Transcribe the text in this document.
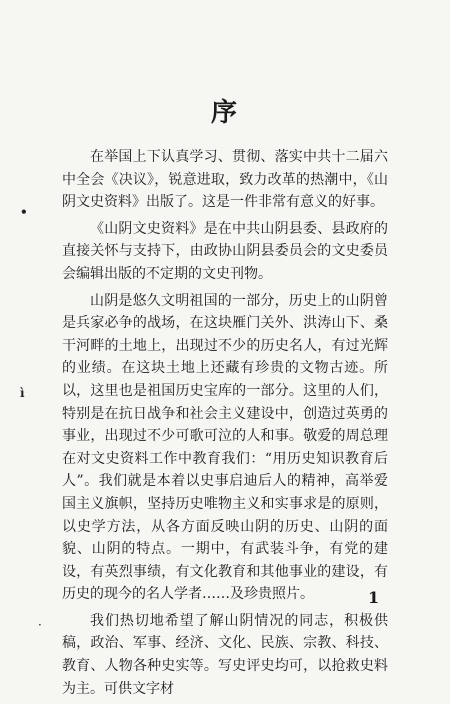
序

在举国上下认真学习、贯彻、落实中共十二届六中全会《决议》，锐意进取，致力改革的热潮中，《山阴文史资料》出版了。这是一件非常有意义的好事。

《山阴文史资料》是在中共山阴县委、县政府的直接关怀与支持下，由政协山阴县委员会的文史委员会编辑出版的不定期的文史刊物。

山阴是悠久文明祖国的一部分，历史上的山阴曾是兵家必争的战场，在这块雁门关外、洪涛山下、桑干河畔的土地上，出现过不少的历史名人，有过光辉的业绩。在这块土地上还藏有珍贵的文物古迹。所以，这里也是祖国历史宝库的一部分。这里的人们，特别是在抗日战争和社会主义建设中，创造过英勇的事业，出现过不少可歌可泣的人和事。敬爱的周总理在对文史资料工作中教育我们：“用历史知识教育后人”。我们就是本着以史事启迪后人的精神，高举爱国主义旗帜，坚持历史唯物主义和实事求是的原则，以史学方法，从各方面反映山阴的历史、山阴的面貌、山阴的特点。一期中，有武装斗争，有党的建设，有英烈事绩，有文化教育和其他事业的建设，有历史的现今的名人学者……及珍贵照片。

我们热切地希望了解山阴情况的同志，积极供稿，政治、军事、经济、文化、民族、宗教、科技、教育、人物各种史实等。写史评史均可，以抢救史料为主。可供文字材

•
ì
·
1
